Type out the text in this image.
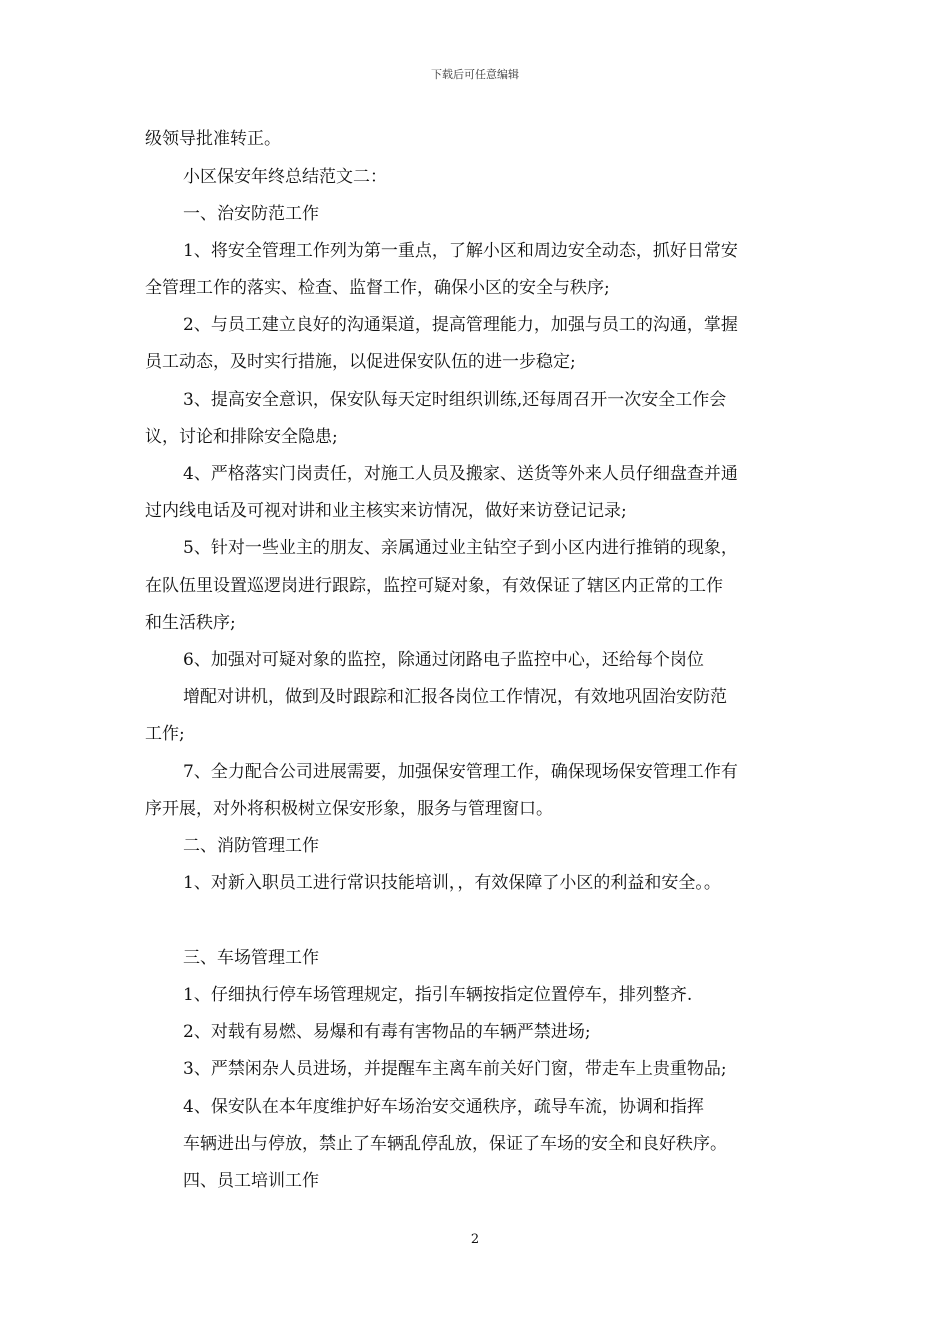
下载后可任意编辑
级领导批准转正。
小区保安年终总结范文二：
一、治安防范工作
1、将安全管理工作列为第一重点，了解小区和周边安全动态，抓好日常安
全管理工作的落实、检查、监督工作，确保小区的安全与秩序;
2、与员工建立良好的沟通渠道，提高管理能力，加强与员工的沟通，掌握
员工动态，及时实行措施，以促进保安队伍的进一步稳定;
3、提高安全意识，保安队每天定时组织训练,还每周召开一次安全工作会
议，讨论和排除安全隐患;
4、严格落实门岗责任，对施工人员及搬家、送货等外来人员仔细盘查并通
过内线电话及可视对讲和业主核实来访情况，做好来访登记记录;
5、针对一些业主的朋友、亲属通过业主钻空子到小区内进行推销的现象，
在队伍里设置巡逻岗进行跟踪，监控可疑对象，有效保证了辖区内正常的工作
和生活秩序;
6、加强对可疑对象的监控，除通过闭路电子监控中心，还给每个岗位
增配对讲机，做到及时跟踪和汇报各岗位工作情况，有效地巩固治安防范
工作;
7、全力配合公司进展需要，加强保安管理工作，确保现场保安管理工作有
序开展，对外将积极树立保安形象，服务与管理窗口。
二、消防管理工作
1、对新入职员工进行常识技能培训，，有效保障了小区的利益和安全。。
三、车场管理工作
1、仔细执行停车场管理规定，指引车辆按指定位置停车，排列整齐.
2、对载有易燃、易爆和有毒有害物品的车辆严禁进场;
3、严禁闲杂人员进场，并提醒车主离车前关好门窗，带走车上贵重物品;
4、保安队在本年度维护好车场治安交通秩序，疏导车流，协调和指挥
车辆进出与停放，禁止了车辆乱停乱放，保证了车场的安全和良好秩序。
四、员工培训工作
2
